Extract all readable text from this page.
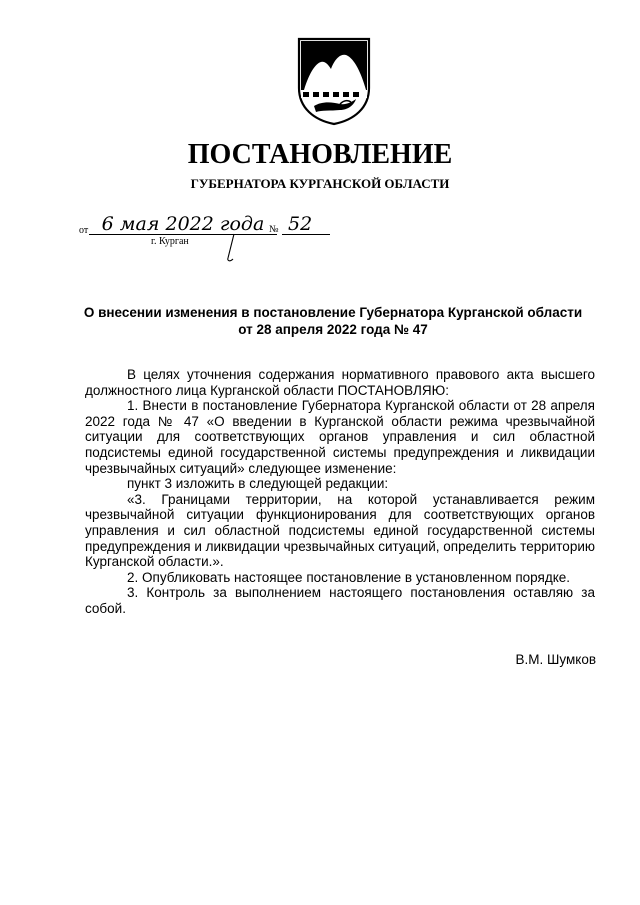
ПОСТАНОВЛЕНИЕ
ГУБЕРНАТОРА КУРГАНСКОЙ ОБЛАСТИ
от 6 мая 2022 года № 52
г. Курган
О внесении изменения в постановление Губернатора Курганской области
от 28 апреля 2022 года № 47

В целях уточнения содержания нормативного правового акта высшего должностного лица Курганской области ПОСТАНОВЛЯЮ:

1. Внести в постановление Губернатора Курганской области от 28 апреля 2022 года № 47 «О введении в Курганской области режима чрезвычайной ситуации для соответствующих органов управления и сил областной подсистемы единой государственной системы предупреждения и ликвидации чрезвычайных ситуаций» следующее изменение:

пункт 3 изложить в следующей редакции:

«3. Границами территории, на которой устанавливается режим чрезвычайной ситуации функционирования для соответствующих органов управления и сил областной подсистемы единой государственной системы предупреждения и ликвидации чрезвычайных ситуаций, определить территорию Курганской области.».

2. Опубликовать настоящее постановление в установленном порядке.

3. Контроль за выполнением настоящего постановления оставляю за собой.

В.М. Шумков
